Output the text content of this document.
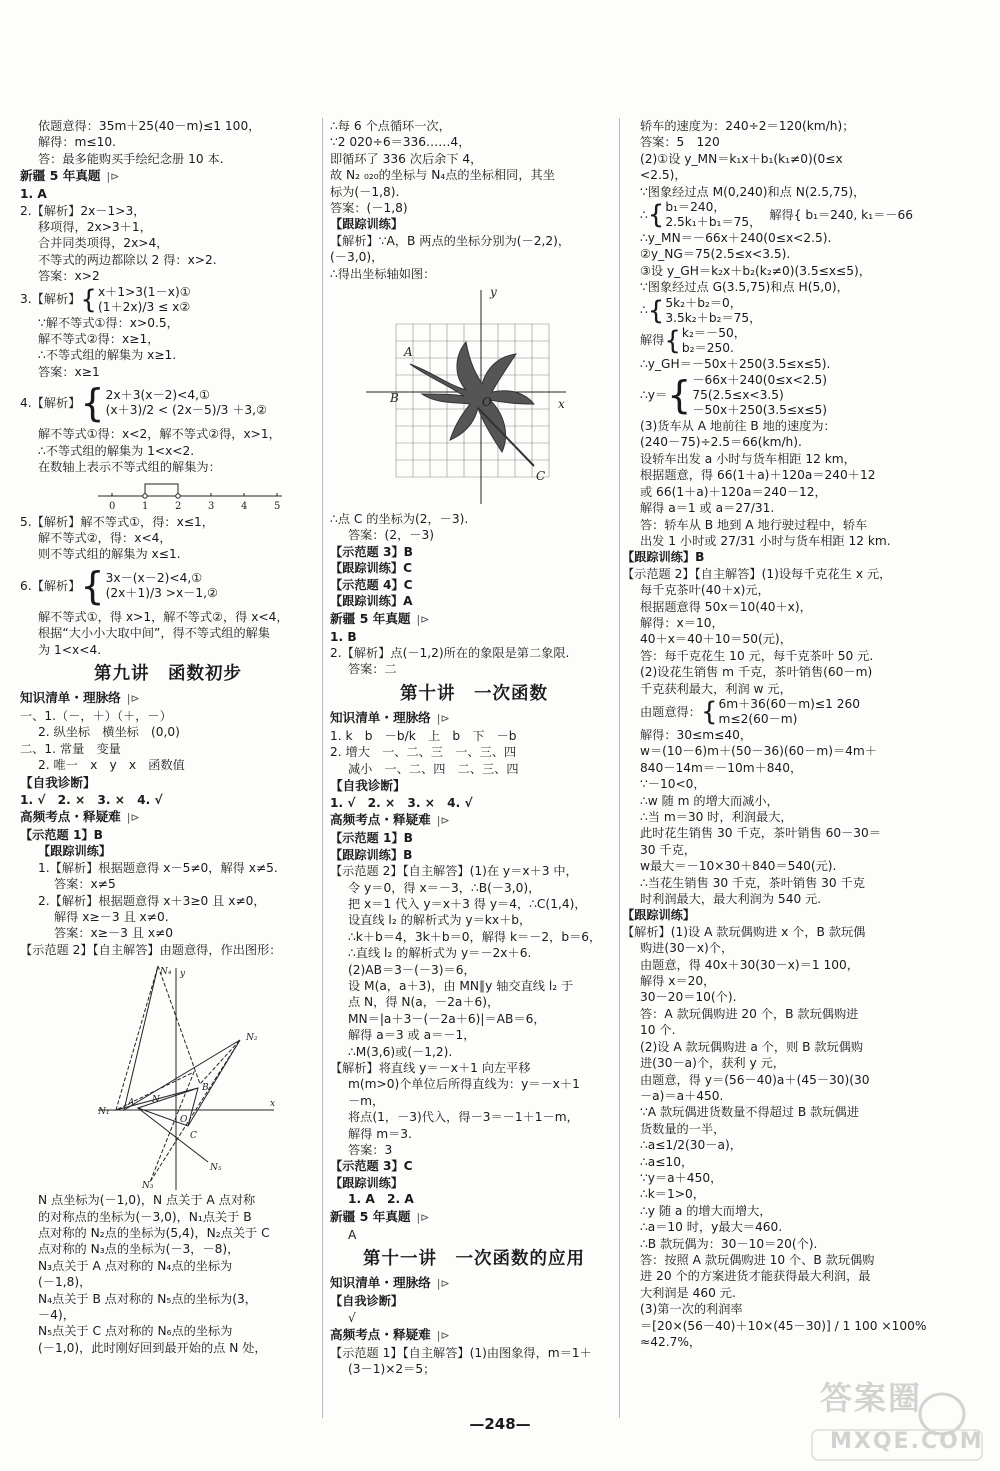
依题意得：35m＋25(40－m)≤1 100，
解得：m≤10.
答：最多能购买手绘纪念册 10 本.
新疆 5 年真题 |⊳
1. A
2.【解析】2x－1>3，
移项得，2x>3＋1，
合并同类项得，2x>4，
不等式的两边都除以 2 得：x>2.
答案：x>2
3.【解析】 { x＋1>3(1－x)①
(1＋2x)/3 ≤ x②
∵解不等式①得：x>0.5，
解不等式②得：x≥1，
∴不等式组的解集为 x≥1.
答案：x≥1
4.【解析】 { 2x＋3(x－2)<4,①
(x＋3)/2 < (2x－5)/3 ＋3,②
解不等式①得：x<2，解不等式②得，x>1，
∴不等式组的解集为 1<x<2.
在数轴上表示不等式组的解集为：
0	1	2	3	4	5
5.【解析】解不等式①，得：x≤1，
解不等式②，得：x<4，
则不等式组的解集为 x≤1.
6.【解析】 { 3x－(x－2)<4,①
(2x＋1)/3 >x－1,②
解不等式①，得 x>1，解不等式②，得 x<4，
根据“大小小大取中间”，得不等式组的解集
为 1<x<4.
第九讲　函数初步
知识清单・理脉络 |⊳
一、1.（－，＋）（＋，－）
2. 纵坐标　横坐标　(0,0)
二、1. 常量　变量
2. 唯一　x　y　x　函数值
【自我诊断】
1. √　2. ×　3. ×　4. √
高频考点・释疑难 |⊳
【示范题 1】B
【跟踪训练】
1.【解析】根据题意得 x－5≠0，解得 x≠5.
答案：x≠5
2.【解析】根据题意得 x＋3≥0 且 x≠0，
解得 x≥－3 且 x≠0.
答案：x≥－3 且 x≠0
【示范题 2】【自主解答】由题意得，作出图形：
N₁
A N
O
B
C
N₂
N₃
N₄
N₅
y
x
N 点坐标为(－1,0)，N 点关于 A 点对称
的对称点的坐标为(－3,0)，N₁点关于 B
点对称的 N₂点的坐标为(5,4)，N₂点关于 C
点对称的 N₃点的坐标为(－3，－8)，
N₃点关于 A 点对称的 N₄点的坐标为
(－1,8)，
N₄点关于 B 点对称的 N₅点的坐标为(3，
－4)，
N₅点关于 C 点对称的 N₆点的坐标为
(－1,0)，此时刚好回到最开始的点 N 处，
∴每 6 个点循环一次，
∵2 020÷6＝336……4，
即循环了 336 次后余下 4，
故 N₂ ₀₂₀的坐标与 N₄点的坐标相同，其坐
标为(－1,8).
答案：(－1,8)
【跟踪训练】
【解析】∵A，B 两点的坐标分别为(－2,2)，
(－3,0)，
∴得出坐标轴如图：
A
B	O
C
x
y
∴点 C 的坐标为(2，－3).
答案：(2，－3)
【示范题 3】B
【跟踪训练】C
【示范题 4】C
【跟踪训练】A
新疆 5 年真题 |⊳
1. B
2.【解析】点(－1,2)所在的象限是第二象限.
答案：二
第十讲　一次函数
知识清单・理脉络 |⊳
1. k　b　－b/k　上　b　下　－b
2. 增大　一、二、三　一、三、四
减小　一、二、四　二、三、四
【自我诊断】
1. √　2. ×　3. ×　4. √
高频考点・释疑难 |⊳
【示范题 1】B
【跟踪训练】B
【示范题 2】【自主解答】(1)在 y＝x＋3 中，
令 y＝0，得 x＝－3，∴B(－3,0)，
把 x＝1 代入 y＝x＋3 得 y＝4，∴C(1,4)，
设直线 l₂ 的解析式为 y＝kx＋b，
∴k＋b＝4，3k＋b＝0，解得 k＝－2，b＝6，
∴直线 l₂ 的解析式为 y＝－2x＋6.
(2)AB＝3－(－3)＝6，
设 M(a，a＋3)，由 MN∥y 轴交直线 l₂ 于
点 N，得 N(a，－2a＋6)，
MN＝|a＋3－(－2a＋6)|＝AB＝6，
解得 a＝3 或 a＝－1，
∴M(3,6)或(－1,2).
【解析】将直线 y＝－x＋1 向左平移
m(m>0)个单位后所得直线为：y＝－x＋1
－m，
将点(1，－3)代入，得－3＝－1＋1－m，
解得 m＝3.
答案：3
【示范题 3】C
【跟踪训练】
1. A　2. A
新疆 5 年真题 |⊳
A
第十一讲　一次函数的应用
知识清单・理脉络 |⊳
【自我诊断】
√
高频考点・释疑难 |⊳
【示范题 1】【自主解答】(1)由图象得，m＝1＋
(3－1)×2＝5；
轿车的速度为：240÷2＝120(km/h)；
答案：5　120
(2)①设 y_MN＝k₁x＋b₁(k₁≠0)(0≤x
<2.5)，
∵图象经过点 M(0,240)和点 N(2.5,75)，
∴ { b₁＝240，
2.5k₁＋b₁＝75，
解得{ b₁＝240, k₁＝－66
∴y_MN＝－66x＋240(0≤x<2.5).
②y_NG＝75(2.5≤x<3.5).
③设 y_GH＝k₂x＋b₂(k₂≠0)(3.5≤x≤5)，
∵图象经过点 G(3.5,75)和点 H(5,0)，
∴ { 5k₂＋b₂＝0，
3.5k₂＋b₂＝75，
解得 { k₂＝－50，
b₂＝250.
∴y_GH＝－50x＋250(3.5≤x≤5).
∴y＝ { －66x＋240(0≤x<2.5)
75(2.5≤x<3.5)
－50x＋250(3.5≤x≤5)
(3)货车从 A 地前往 B 地的速度为：
(240－75)÷2.5＝66(km/h).
设轿车出发 a 小时与货车相距 12 km，
根据题意，得 66(1＋a)＋120a＝240＋12
或 66(1＋a)＋120a＝240－12，
解得 a＝1 或 a＝27/31.
答：轿车从 B 地到 A 地行驶过程中，轿车
出发 1 小时或 27/31 小时与货车相距 12 km.
【跟踪训练】B
【示范题 2】【自主解答】(1)设每千克花生 x 元，
每千克茶叶(40＋x)元，
根据题意得 50x＝10(40＋x)，
解得：x＝10，
40＋x＝40＋10＝50(元)，
答：每千克花生 10 元，每千克茶叶 50 元.
(2)设花生销售 m 千克，茶叶销售(60－m)
千克获利最大，利润 w 元，
由题意得： { 6m＋36(60－m)≤1 260
m≤2(60－m)
解得：30≤m≤40，
w＝(10－6)m＋(50－36)(60－m)＝4m＋
840－14m＝－10m＋840，
∵－10<0，
∴w 随 m 的增大而减小，
∴当 m＝30 时，利润最大，
此时花生销售 30 千克，茶叶销售 60－30＝
30 千克，
w最大＝－10×30＋840＝540(元).
∴当花生销售 30 千克，茶叶销售 30 千克
时利润最大，最大利润为 540 元.
【跟踪训练】
【解析】(1)设 A 款玩偶购进 x 个，B 款玩偶
购进(30－x)个，
由题意，得 40x＋30(30－x)＝1 100，
解得 x＝20，
30－20＝10(个).
答：A 款玩偶购进 20 个，B 款玩偶购进
10 个.
(2)设 A 款玩偶购进 a 个，则 B 款玩偶购
进(30－a)个，获利 y 元，
由题意，得 y＝(56－40)a＋(45－30)(30
－a)＝a＋450.
∵A 款玩偶进货数量不得超过 B 款玩偶进
货数量的一半，
∴a≤1/2(30－a)，
∴a≤10，
∵y＝a＋450，
∴k＝1>0，
∴y 随 a 的增大而增大，
∴a＝10 时，y最大＝460.
∴B 款玩偶为：30－10＝20(个).
答：按照 A 款玩偶购进 10 个、B 款玩偶购
进 20 个的方案进货才能获得最大利润，最
大利润是 460 元.
(3)第一次的利润率
＝[20×(56－40)＋10×(45－30)] / 1 100 ×100%
≈42.7%，
—248—
答案圈
MXQE.COM
